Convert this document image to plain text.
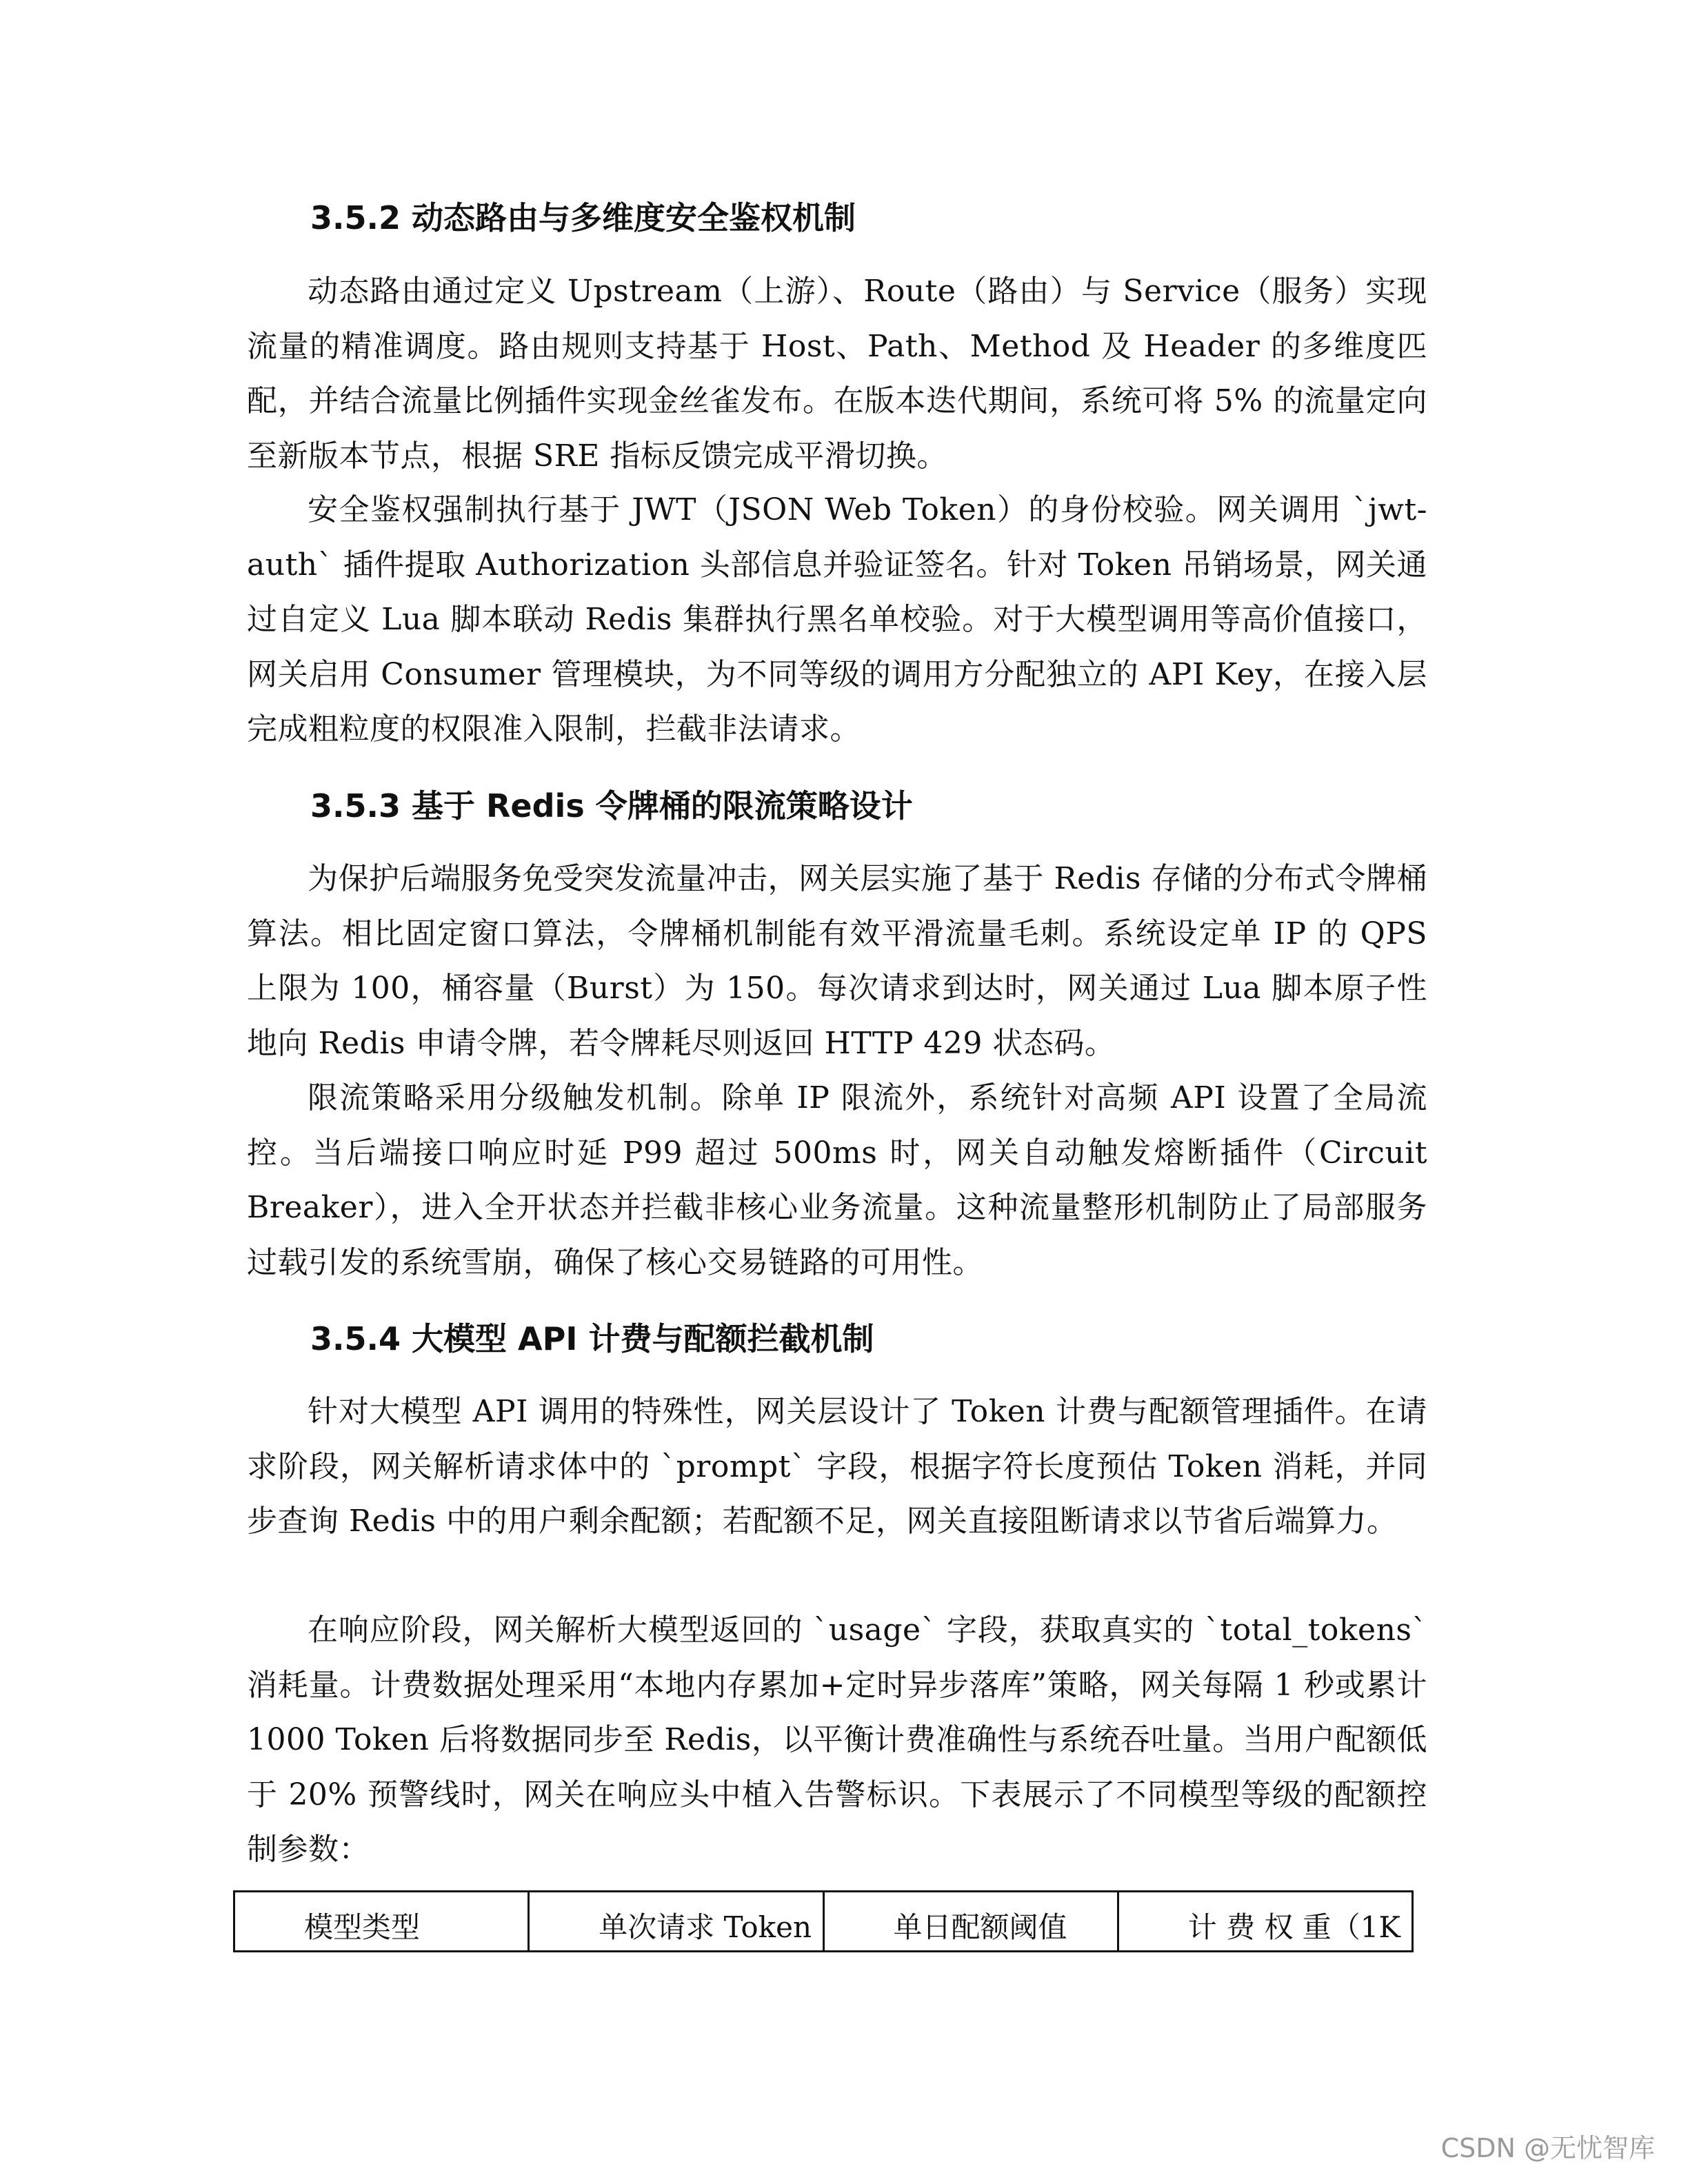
3.5.2 动态路由与多维度安全鉴权机制

动态路由通过定义 Upstream（上游）、Route（路由）与 Service（服务）实现流量的精准调度。路由规则支持基于 Host、Path、Method 及 Header 的多维度匹配，并结合流量比例插件实现金丝雀发布。在版本迭代期间，系统可将 5% 的流量定向至新版本节点，根据 SRE 指标反馈完成平滑切换。

安全鉴权强制执行基于 JWT（JSON Web Token）的身份校验。网关调用 `jwt-auth` 插件提取 Authorization 头部信息并验证签名。针对 Token 吊销场景，网关通过自定义 Lua 脚本联动 Redis 集群执行黑名单校验。对于大模型调用等高价值接口，网关启用 Consumer 管理模块，为不同等级的调用方分配独立的 API Key，在接入层完成粗粒度的权限准入限制，拦截非法请求。

3.5.3 基于 Redis 令牌桶的限流策略设计

为保护后端服务免受突发流量冲击，网关层实施了基于 Redis 存储的分布式令牌桶算法。相比固定窗口算法，令牌桶机制能有效平滑流量毛刺。系统设定单 IP 的 QPS 上限为 100，桶容量（Burst）为 150。每次请求到达时，网关通过 Lua 脚本原子性地向 Redis 申请令牌，若令牌耗尽则返回 HTTP 429 状态码。

限流策略采用分级触发机制。除单 IP 限流外，系统针对高频 API 设置了全局流控。当后端接口响应时延 P99 超过 500ms 时，网关自动触发熔断插件（Circuit Breaker），进入全开状态并拦截非核心业务流量。这种流量整形机制防止了局部服务过载引发的系统雪崩，确保了核心交易链路的可用性。

3.5.4 大模型 API 计费与配额拦截机制

针对大模型 API 调用的特殊性，网关层设计了 Token 计费与配额管理插件。在请求阶段，网关解析请求体中的 `prompt` 字段，根据字符长度预估 Token 消耗，并同步查询 Redis 中的用户剩余配额；若配额不足，网关直接阻断请求以节省后端算力。

在响应阶段，网关解析大模型返回的 `usage` 字段，获取真实的 `total_tokens` 消耗量。计费数据处理采用“本地内存累加+定时异步落库”策略，网关每隔 1 秒或累计 1000 Token 后将数据同步至 Redis，以平衡计费准确性与系统吞吐量。当用户配额低于 20% 预警线时，网关在响应头中植入告警标识。下表展示了不同模型等级的配额控制参数：

模型类型	单次请求 Token	单日配额阈值	计 费 权 重（1K
CSDN @无忧智库
